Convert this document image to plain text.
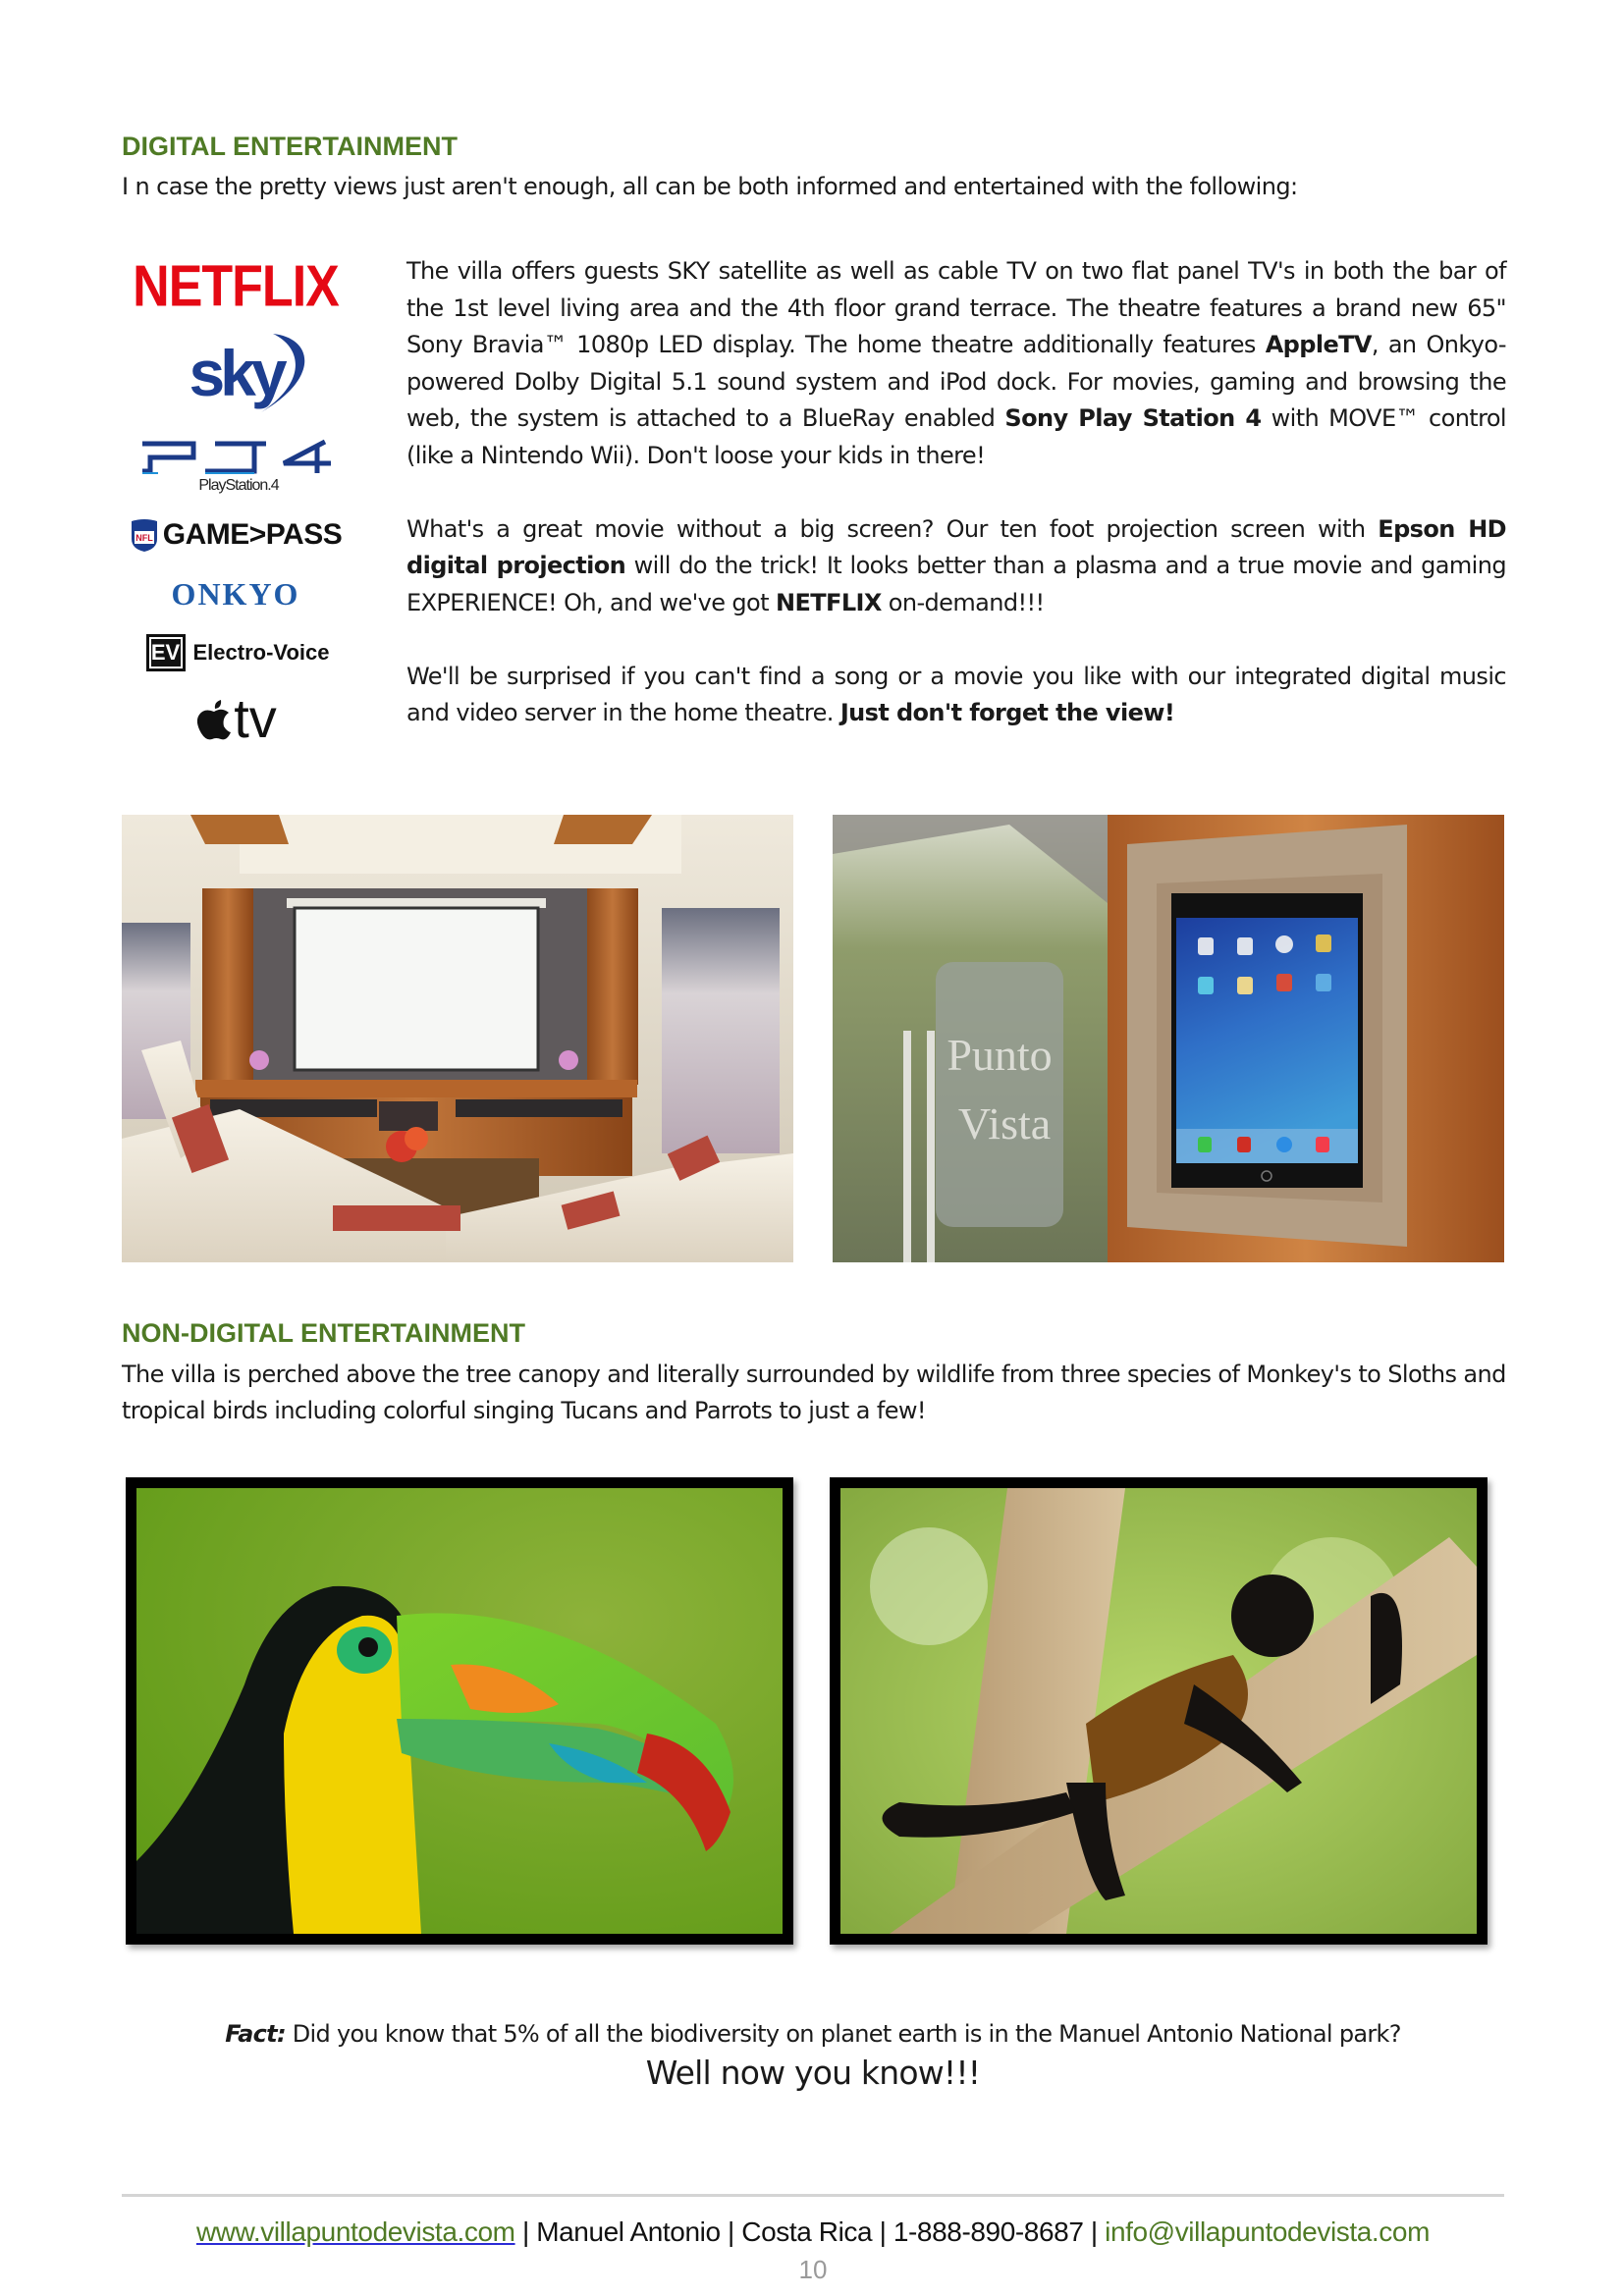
DIGITAL ENTERTAINMENT
I n case the pretty views just aren't enough, all can be both informed and entertained with the following:
NETFLIX
sky
PlayStation.4
NFL GAME>PASS
ONKYO
EV Electro-Voice
tv

The villa offers guests SKY satellite as well as cable TV on two flat panel TV's in both the bar of the 1st level living area and the 4th floor grand terrace. The theatre features a brand new 65" Sony Bravia™ 1080p LED display. The home theatre additionally features AppleTV, an Onkyo-powered Dolby Digital 5.1 sound system and iPod dock. For movies, gaming and browsing the web, the system is attached to a BlueRay enabled Sony Play Station 4 with MOVE™ control (like a Nintendo Wii). Don't loose your kids in there!

What's a great movie without a big screen? Our ten foot projection screen with Epson HD digital projection will do the trick! It looks better than a plasma and a true movie and gaming EXPERIENCE! Oh, and we've got NETFLIX on-demand!!!

We'll be surprised if you can't find a song or a movie you like with our integrated digital music and video server in the home theatre. Just don't forget the view!

Punto
Vista
NON-DIGITAL ENTERTAINMENT
The villa is perched above the tree canopy and literally surrounded by wildlife from three species of Monkey's to Sloths and tropical birds including colorful singing Tucans and Parrots to just a few!
Fact: Did you know that 5% of all the biodiversity on planet earth is in the Manuel Antonio National park?
Well now you know!!!
www.villapuntodevista.com | Manuel Antonio | Costa Rica | 1-888-890-8687 | info@villapuntodevista.com
10
